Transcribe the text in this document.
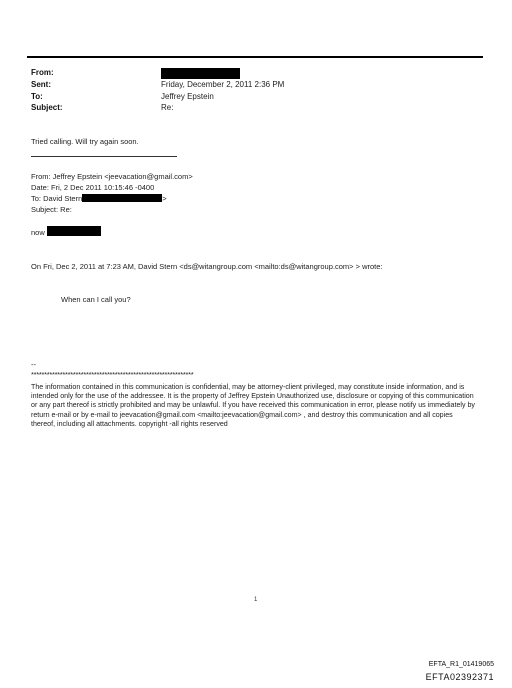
From:
Sent:
To:
Subject:
Friday, December 2, 2011 2:36 PM
Jeffrey Epstein
Re:
Tried calling. Will try again soon.
From: Jeffrey Epstein <jeevacation@gmail.com>
Date: Fri, 2 Dec 2011 10:15:46 -0400
To: David Stern	>
Subject: Re:
now
On Fri, Dec 2, 2011 at 7:23 AM, David Stern <ds@witangroup.com <mailto:ds@witangroup.com> > wrote:
When can I call you?
--
**************************************************************
The information contained in this communication is confidential, may be attorney-client privileged, may constitute inside information, and is intended only for the use of the addressee. It is the property of Jeffrey Epstein Unauthorized use, disclosure or copying of this communication or any part thereof is strictly prohibited and may be unlawful. If you have received this communication in error, please notify us immediately by return e-mail or by e-mail to jeevacation@gmail.com <mailto:jeevacation@gmail.com> , and destroy this communication and all copies thereof, including all attachments. copyright -all rights reserved
1
EFTA_R1_01419065
EFTA02392371
